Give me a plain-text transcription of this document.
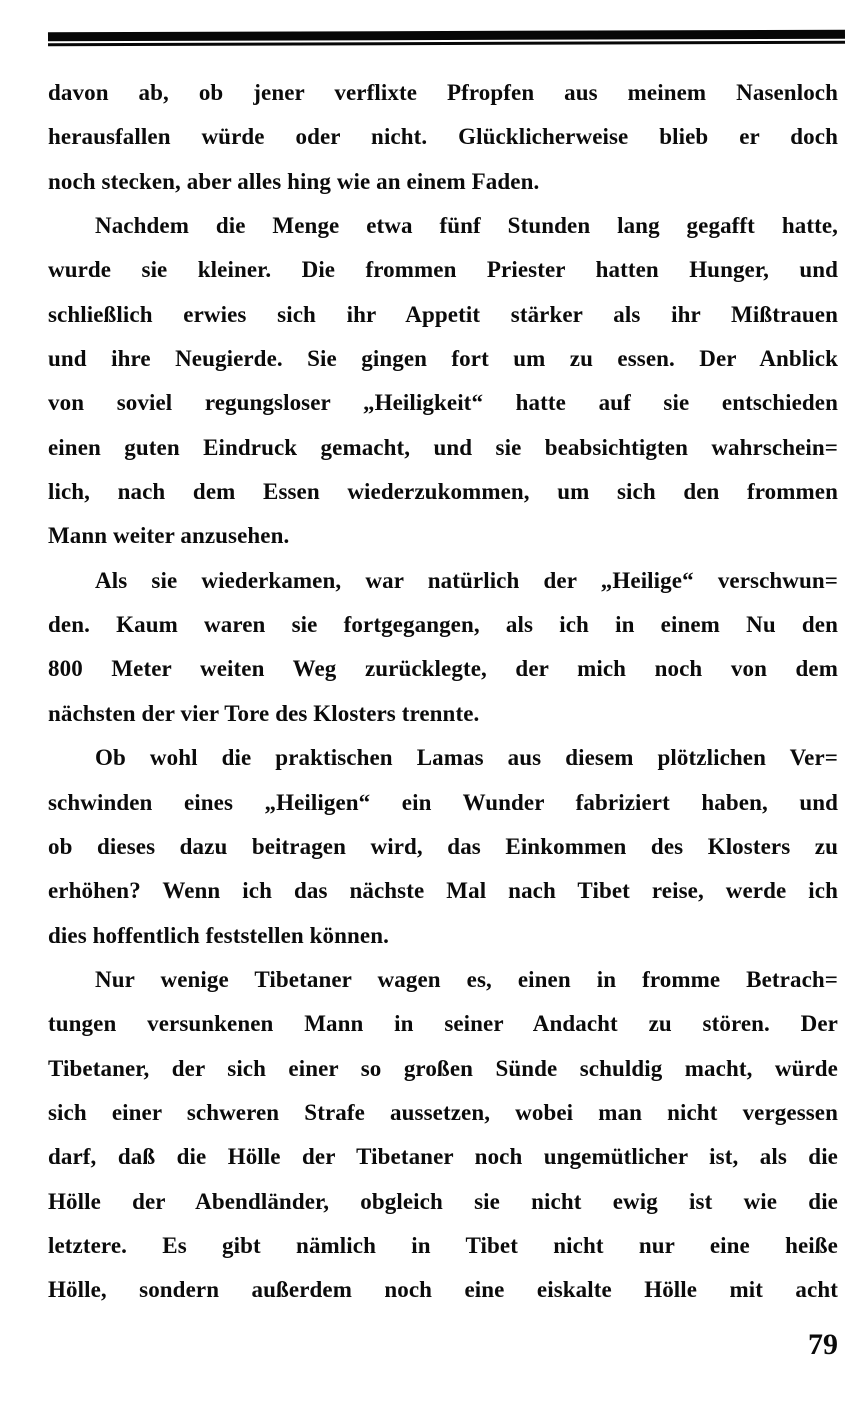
davon ab, ob jener verflixte Pfropfen aus meinem Nasenloch
herausfallen würde oder nicht. Glücklicherweise blieb er doch
noch stecken, aber alles hing wie an einem Faden.
Nachdem die Menge etwa fünf Stunden lang gegafft hatte,
wurde sie kleiner. Die frommen Priester hatten Hunger, und
schließlich erwies sich ihr Appetit stärker als ihr Mißtrauen
und ihre Neugierde. Sie gingen fort um zu essen. Der Anblick
von soviel regungsloser „Heiligkeit“ hatte auf sie entschieden
einen guten Eindruck gemacht, und sie beabsichtigten wahrschein=
lich, nach dem Essen wiederzukommen, um sich den frommen
Mann weiter anzusehen.
Als sie wiederkamen, war natürlich der „Heilige“ verschwun=
den. Kaum waren sie fortgegangen, als ich in einem Nu den
800 Meter weiten Weg zurücklegte, der mich noch von dem
nächsten der vier Tore des Klosters trennte.
Ob wohl die praktischen Lamas aus diesem plötzlichen Ver=
schwinden eines „Heiligen“ ein Wunder fabriziert haben, und
ob dieses dazu beitragen wird, das Einkommen des Klosters zu
erhöhen? Wenn ich das nächste Mal nach Tibet reise, werde ich
dies hoffentlich feststellen können.
Nur wenige Tibetaner wagen es, einen in fromme Betrach=
tungen versunkenen Mann in seiner Andacht zu stören. Der
Tibetaner, der sich einer so großen Sünde schuldig macht, würde
sich einer schweren Strafe aussetzen, wobei man nicht vergessen
darf, daß die Hölle der Tibetaner noch ungemütlicher ist, als die
Hölle der Abendländer, obgleich sie nicht ewig ist wie die
letztere. Es gibt nämlich in Tibet nicht nur eine heiße
Hölle, sondern außerdem noch eine eiskalte Hölle mit acht
79
